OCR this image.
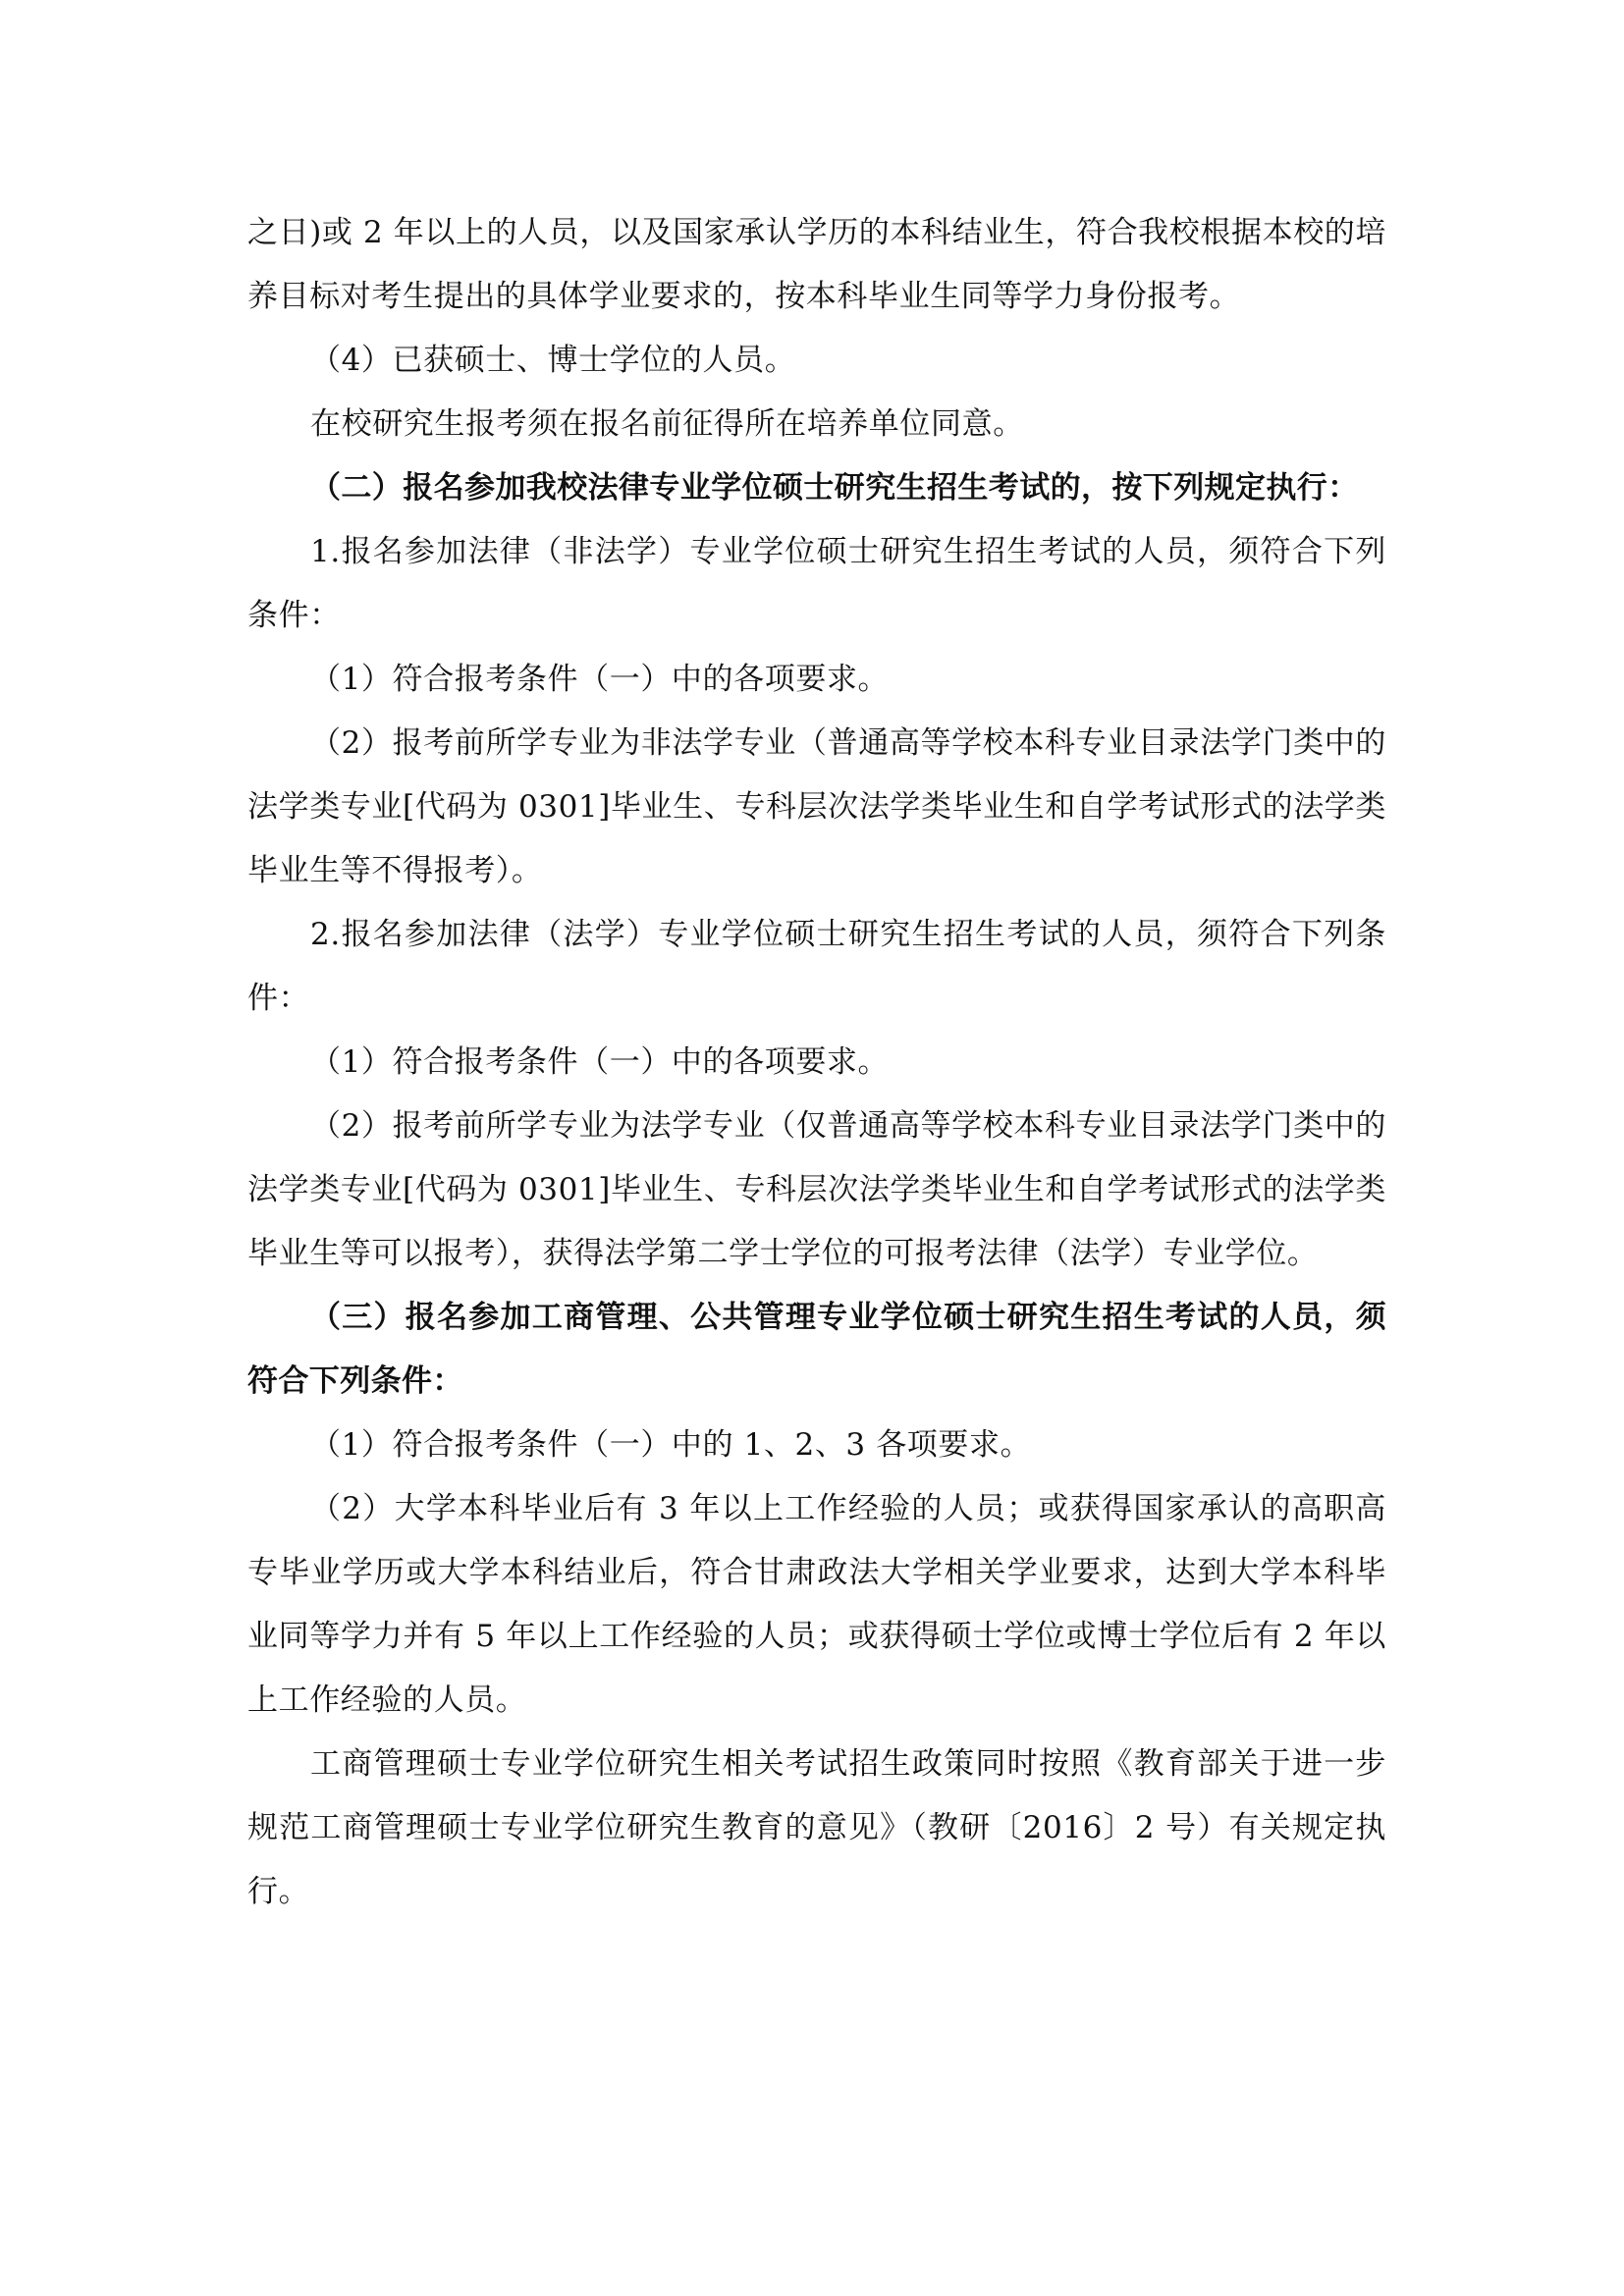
之日)或 2 年以上的人员，以及国家承认学历的本科结业生，符合我校根据本校的培养目标对考生提出的具体学业要求的，按本科毕业生同等学力身份报考。

（4）已获硕士、博士学位的人员。

在校研究生报考须在报名前征得所在培养单位同意。

（二）报名参加我校法律专业学位硕士研究生招生考试的，按下列规定执行：

1.报名参加法律（非法学）专业学位硕士研究生招生考试的人员，须符合下列条件：

（1）符合报考条件（一）中的各项要求。

（2）报考前所学专业为非法学专业（普通高等学校本科专业目录法学门类中的法学类专业[代码为 0301]毕业生、专科层次法学类毕业生和自学考试形式的法学类毕业生等不得报考）。

2.报名参加法律（法学）专业学位硕士研究生招生考试的人员，须符合下列条件：

（1）符合报考条件（一）中的各项要求。

（2）报考前所学专业为法学专业（仅普通高等学校本科专业目录法学门类中的法学类专业[代码为 0301]毕业生、专科层次法学类毕业生和自学考试形式的法学类毕业生等可以报考），获得法学第二学士学位的可报考法律（法学）专业学位。

（三）报名参加工商管理、公共管理专业学位硕士研究生招生考试的人员，须符合下列条件：

（1）符合报考条件（一）中的 1、2、3 各项要求。

（2）大学本科毕业后有 3 年以上工作经验的人员；或获得国家承认的高职高专毕业学历或大学本科结业后，符合甘肃政法大学相关学业要求，达到大学本科毕业同等学力并有 5 年以上工作经验的人员；或获得硕士学位或博士学位后有 2 年以上工作经验的人员。

工商管理硕士专业学位研究生相关考试招生政策同时按照《教育部关于进一步规范工商管理硕士专业学位研究生教育的意见》（教研〔2016〕2 号）有关规定执行。
